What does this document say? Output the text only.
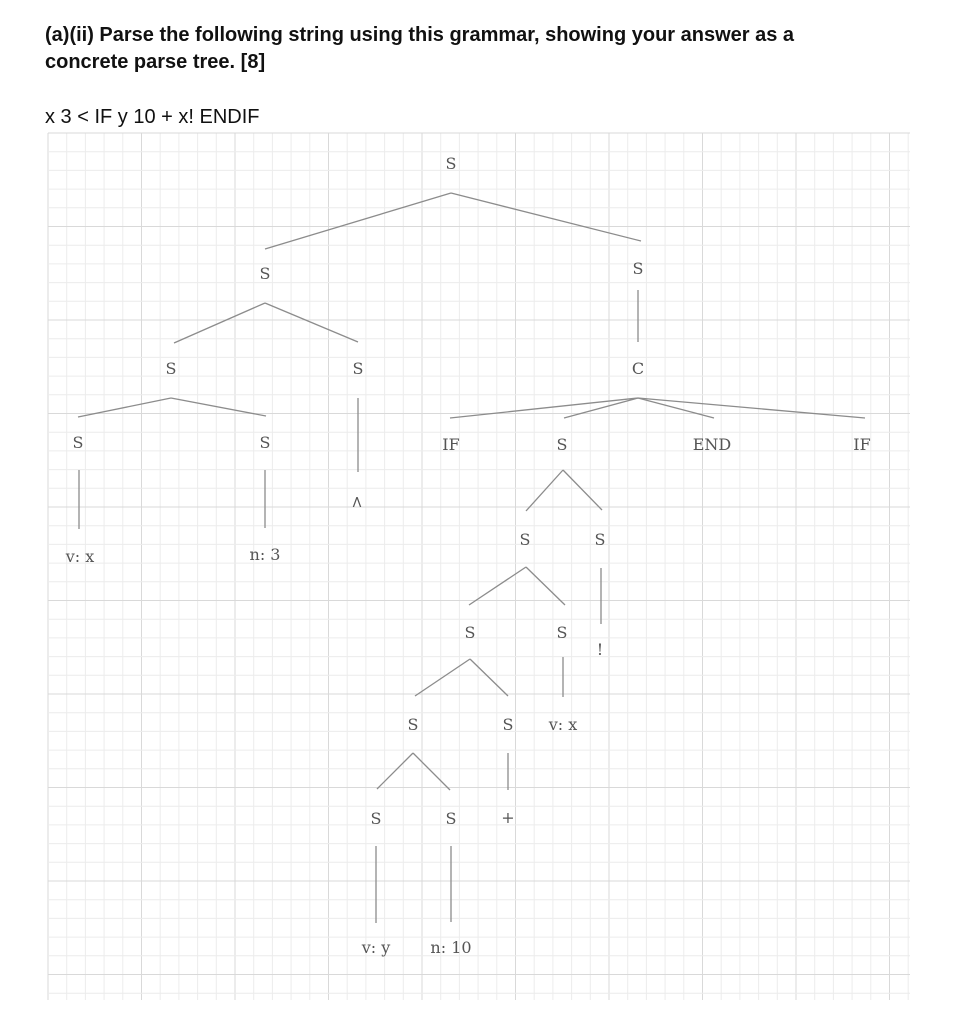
(a)(ii) Parse the following string using this grammar, showing your answer as a
concrete parse tree. [8]
x 3 < IF y 10 + x! ENDIF
S
S	S
S	S	C
S	S
v: x	n: 3
<
IF	S	END	IF
S	S
!
S	S
v: x
S	S
+
S	S
v: y	n: 10
